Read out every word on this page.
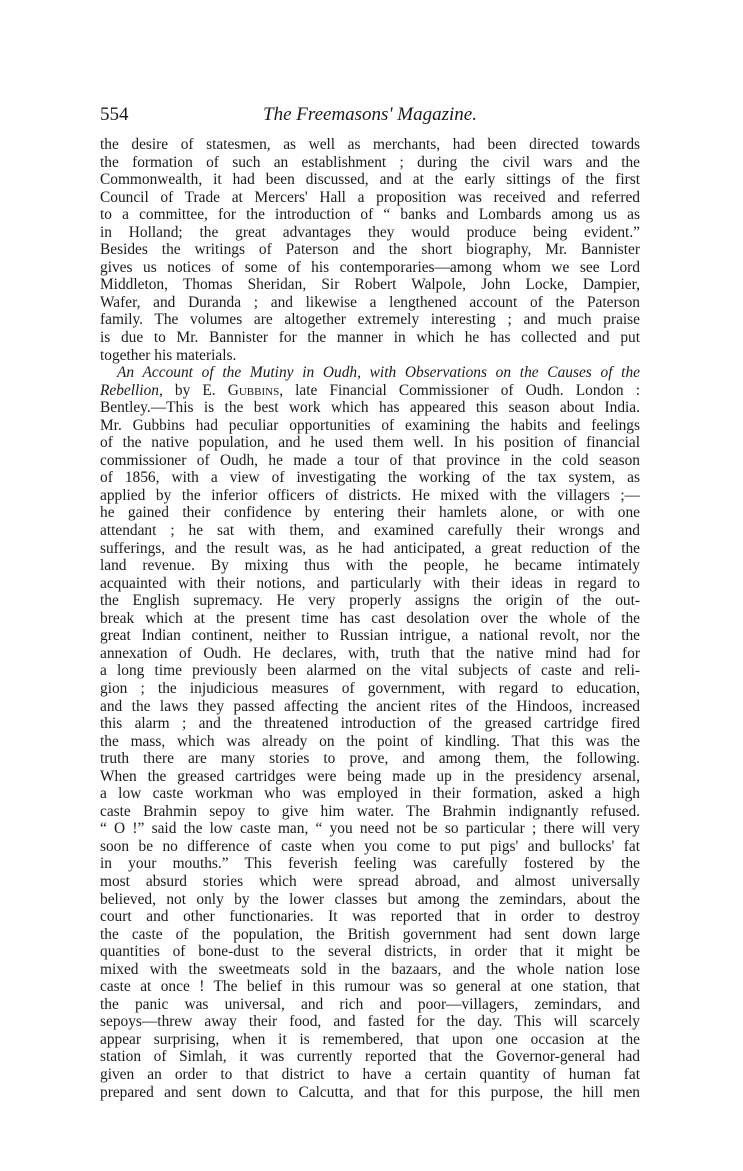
554	The Freemasons' Magazine.
the desire of statesmen, as well as merchants, had been directed towards
the formation of such an establishment ; during the civil wars and the
Commonwealth, it had been discussed, and at the early sittings of the first
Council of Trade at Mercers' Hall a proposition was received and referred
to a committee, for the introduction of “ banks and Lombards among us as
in Holland; the great advantages they would produce being evident.”
Besides the writings of Paterson and the short biography, Mr. Bannister
gives us notices of some of his contemporaries—among whom we see Lord
Middleton, Thomas Sheridan, Sir Robert Walpole, John Locke, Dampier,
Wafer, and Duranda ; and likewise a lengthened account of the Paterson
family. The volumes are altogether extremely interesting ; and much praise
is due to Mr. Bannister for the manner in which he has collected and put
together his materials.
An Account of the Mutiny in Oudh, with Observations on the Causes of the
Rebellion, by E. Gubbins, late Financial Commissioner of Oudh. London :
Bentley.—This is the best work which has appeared this season about India.
Mr. Gubbins had peculiar opportunities of examining the habits and feelings
of the native population, and he used them well. In his position of financial
commissioner of Oudh, he made a tour of that province in the cold season
of 1856, with a view of investigating the working of the tax system, as
applied by the inferior officers of districts. He mixed with the villagers ;—
he gained their confidence by entering their hamlets alone, or with one
attendant ; he sat with them, and examined carefully their wrongs and
sufferings, and the result was, as he had anticipated, a great reduction of the
land revenue. By mixing thus with the people, he became intimately
acquainted with their notions, and particularly with their ideas in regard to
the English supremacy. He very properly assigns the origin of the out-
break which at the present time has cast desolation over the whole of the
great Indian continent, neither to Russian intrigue, a national revolt, nor the
annexation of Oudh. He declares, with, truth that the native mind had for
a long time previously been alarmed on the vital subjects of caste and reli-
gion ; the injudicious measures of government, with regard to education,
and the laws they passed affecting the ancient rites of the Hindoos, increased
this alarm ; and the threatened introduction of the greased cartridge fired
the mass, which was already on the point of kindling. That this was the
truth there are many stories to prove, and among them, the following.
When the greased cartridges were being made up in the presidency arsenal,
a low caste workman who was employed in their formation, asked a high
caste Brahmin sepoy to give him water. The Brahmin indignantly refused.
“ O !” said the low caste man, “ you need not be so particular ; there will very
soon be no difference of caste when you come to put pigs' and bullocks' fat
in your mouths.” This feverish feeling was carefully fostered by the
most absurd stories which were spread abroad, and almost universally
believed, not only by the lower classes but among the zemindars, about the
court and other functionaries. It was reported that in order to destroy
the caste of the population, the British government had sent down large
quantities of bone-dust to the several districts, in order that it might be
mixed with the sweetmeats sold in the bazaars, and the whole nation lose
caste at once ! The belief in this rumour was so general at one station, that
the panic was universal, and rich and poor—villagers, zemindars, and
sepoys—threw away their food, and fasted for the day. This will scarcely
appear surprising, when it is remembered, that upon one occasion at the
station of Simlah, it was currently reported that the Governor-general had
given an order to that district to have a certain quantity of human fat
prepared and sent down to Calcutta, and that for this purpose, the hill men
